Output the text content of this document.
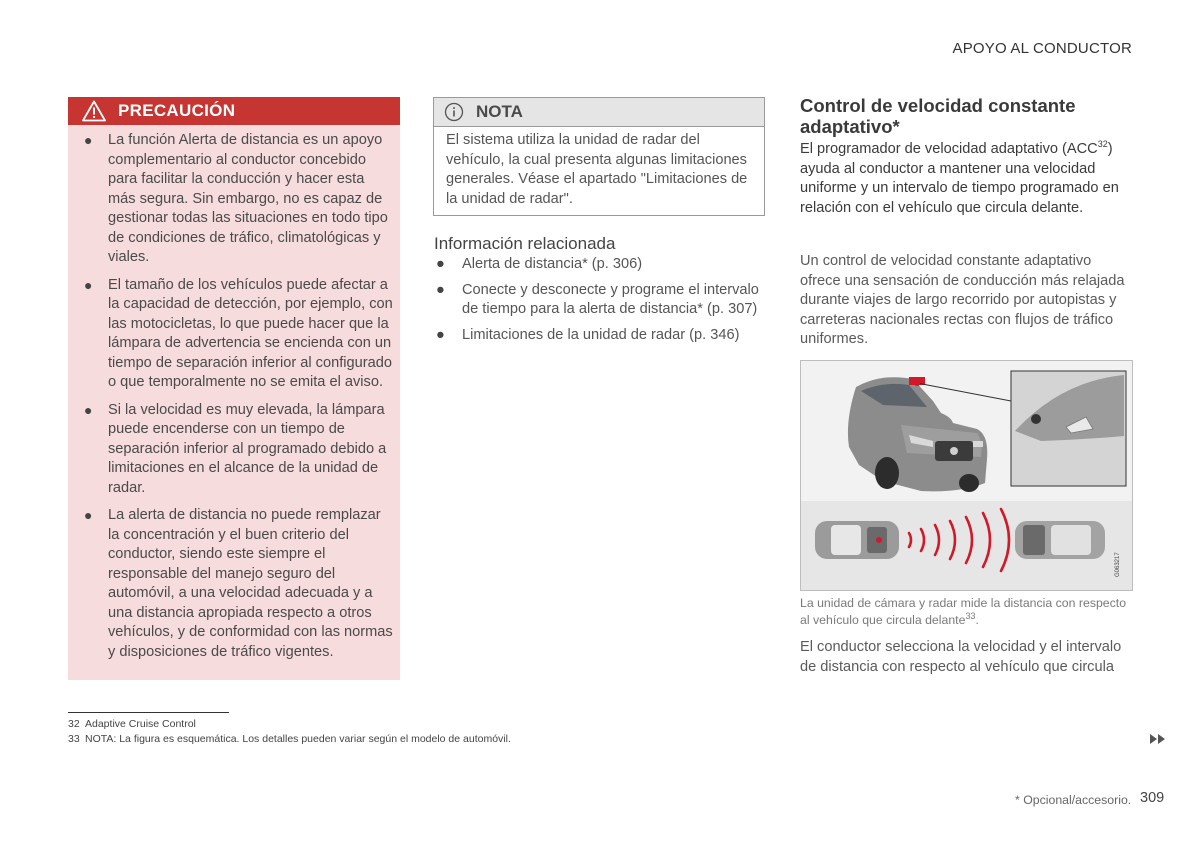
APOYO AL CONDUCTOR
PRECAUCIÓN
● La función Alerta de distancia es un apoyo complementario al conductor concebido para facilitar la conducción y hacer esta más segura. Sin embargo, no es capaz de gestionar todas las situaciones en todo tipo de condiciones de tráfico, climatológicas y viales.
● El tamaño de los vehículos puede afectar a la capacidad de detección, por ejemplo, con las motocicletas, lo que puede hacer que la lámpara de advertencia se encienda con un tiempo de separación inferior al configurado o que temporalmente no se emita el aviso.
● Si la velocidad es muy elevada, la lámpara puede encenderse con un tiempo de separación inferior al programado debido a limitaciones en el alcance de la unidad de radar.
● La alerta de distancia no puede remplazar la concentración y el buen criterio del conductor, siendo este siempre el responsable del manejo seguro del automóvil, a una velocidad adecuada y a una distancia apropiada respecto a otros vehículos, y de conformidad con las normas y disposiciones de tráfico vigentes.
NOTA
El sistema utiliza la unidad de radar del vehículo, la cual presenta algunas limitaciones generales. Véase el apartado "Limitaciones de la unidad de radar".
Información relacionada
● Alerta de distancia* (p. 306)
● Conecte y desconecte y programe el intervalo de tiempo para la alerta de distancia* (p. 307)
● Limitaciones de la unidad de radar (p. 346)
Control de velocidad constante adaptativo*
El programador de velocidad adaptativo (ACC$^{32}$) ayuda al conductor a mantener una velocidad uniforme y un intervalo de tiempo programado en relación con el vehículo que circula delante.
Un control de velocidad constante adaptativo ofrece una sensación de conducción más relajada durante viajes de largo recorrido por autopistas y carreteras nacionales rectas con flujos de tráfico uniformes.
G063217
La unidad de cámara y radar mide la distancia con respecto al vehículo que circula delante$^{33}$.
El conductor selecciona la velocidad y el intervalo de distancia con respecto al vehículo que circula
32 Adaptive Cruise Control
33 NOTA: La figura es esquemática. Los detalles pueden variar según el modelo de automóvil.
* Opcional/accesorio. 309
